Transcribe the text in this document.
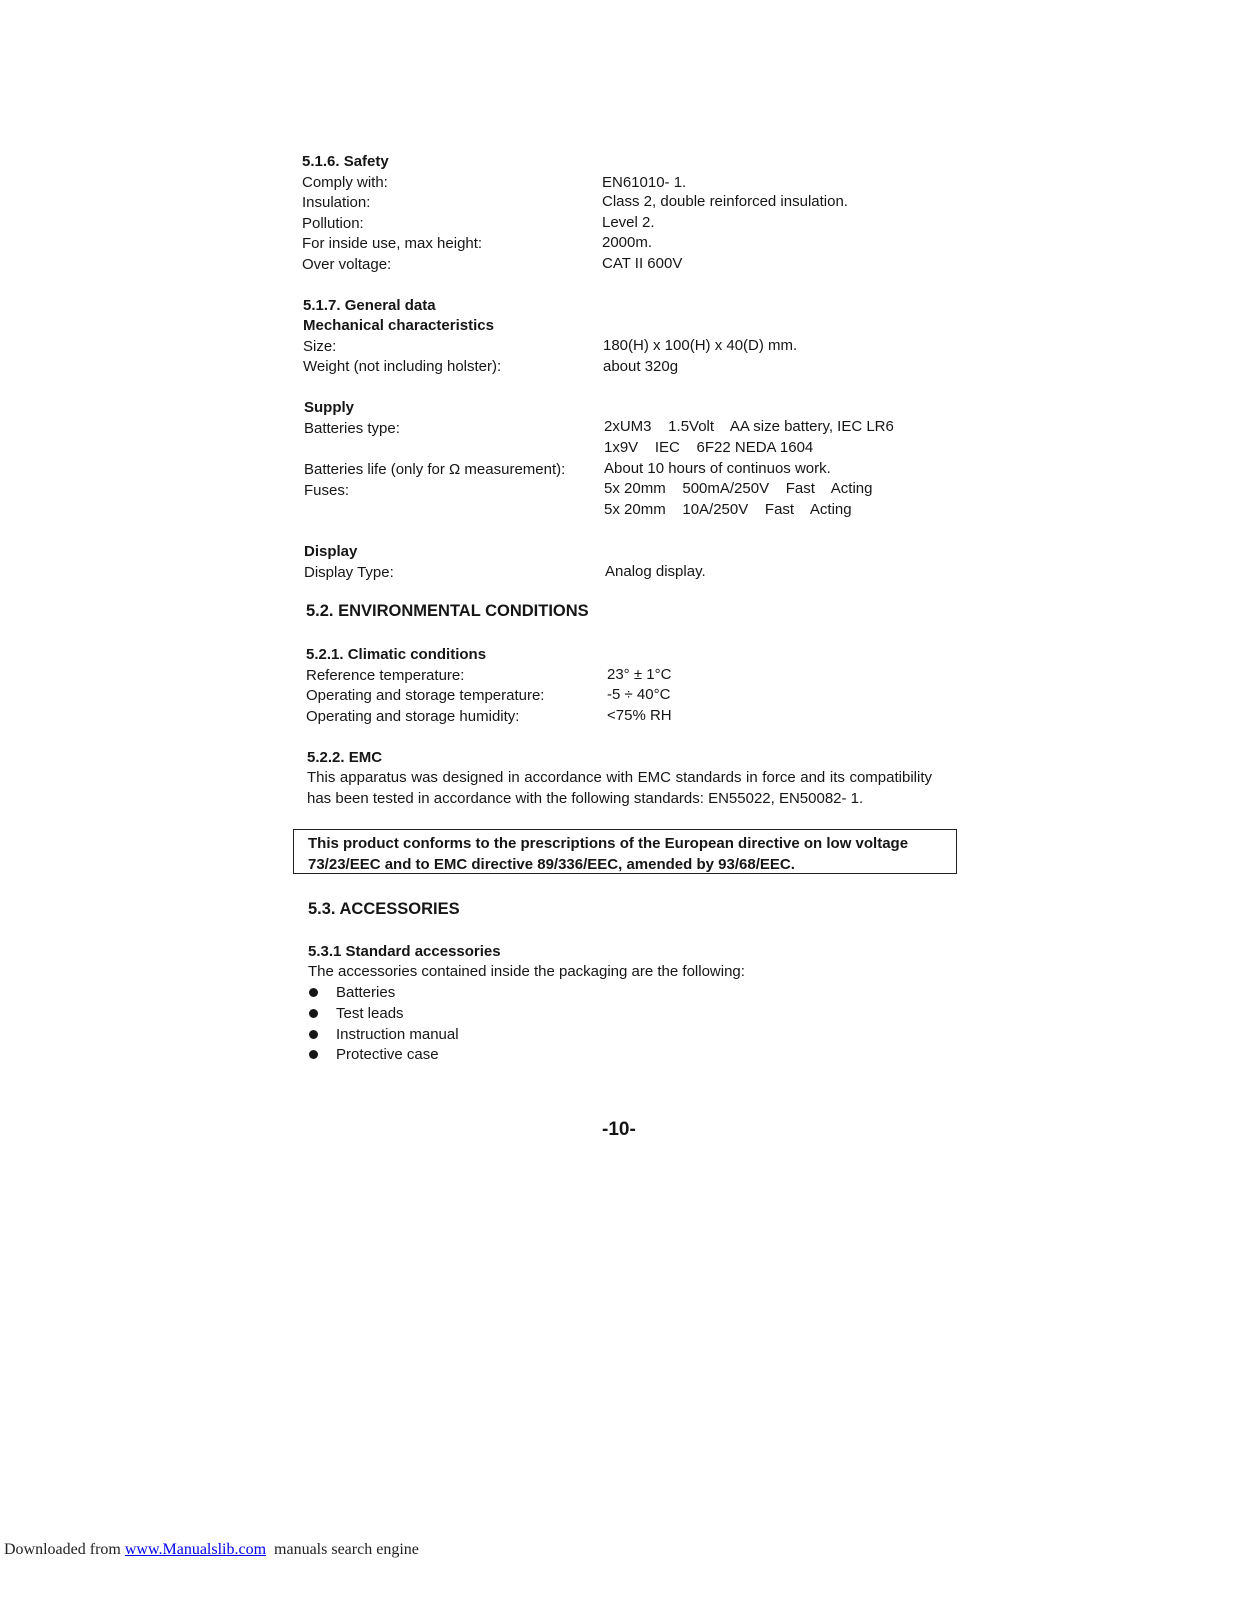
5.1.6. Safety
Comply with:	EN61010- 1.
Insulation:	Class 2, double reinforced insulation.
Pollution:	Level 2.
For inside use, max height:	2000m.
Over voltage:	CAT II 600V
5.1.7. General data
Mechanical characteristics
Size:	180(H) x 100(H) x 40(D) mm.
Weight (not including holster):	about 320g
Supply
Batteries type:	2xUM3    1.5Volt    AA size battery, IEC LR6
1x9V    IEC    6F22 NEDA 1604
Batteries life (only for Ω measurement):	About 10 hours of continuos work.
Fuses:	5x 20mm    500mA/250V    Fast    Acting
5x 20mm    10A/250V    Fast    Acting
Display
Display Type:	Analog display.
5.2. ENVIRONMENTAL CONDITIONS
5.2.1. Climatic conditions
Reference temperature:	23° ± 1°C
Operating and storage temperature:	-5 ÷ 40°C
Operating and storage humidity:	<75% RH
5.2.2. EMC
This apparatus was designed in accordance with EMC standards in force and its compatibility has been tested in accordance with the following standards: EN55022, EN50082- 1.
This product conforms to the prescriptions of the European directive on low voltage 73/23/EEC and to EMC directive 89/336/EEC, amended by 93/68/EEC.
5.3. ACCESSORIES
5.3.1 Standard accessories
The accessories contained inside the packaging are the following:
Batteries
Test leads
Instruction manual
Protective case
-10-
Downloaded from www.Manualslib.com  manuals search engine
